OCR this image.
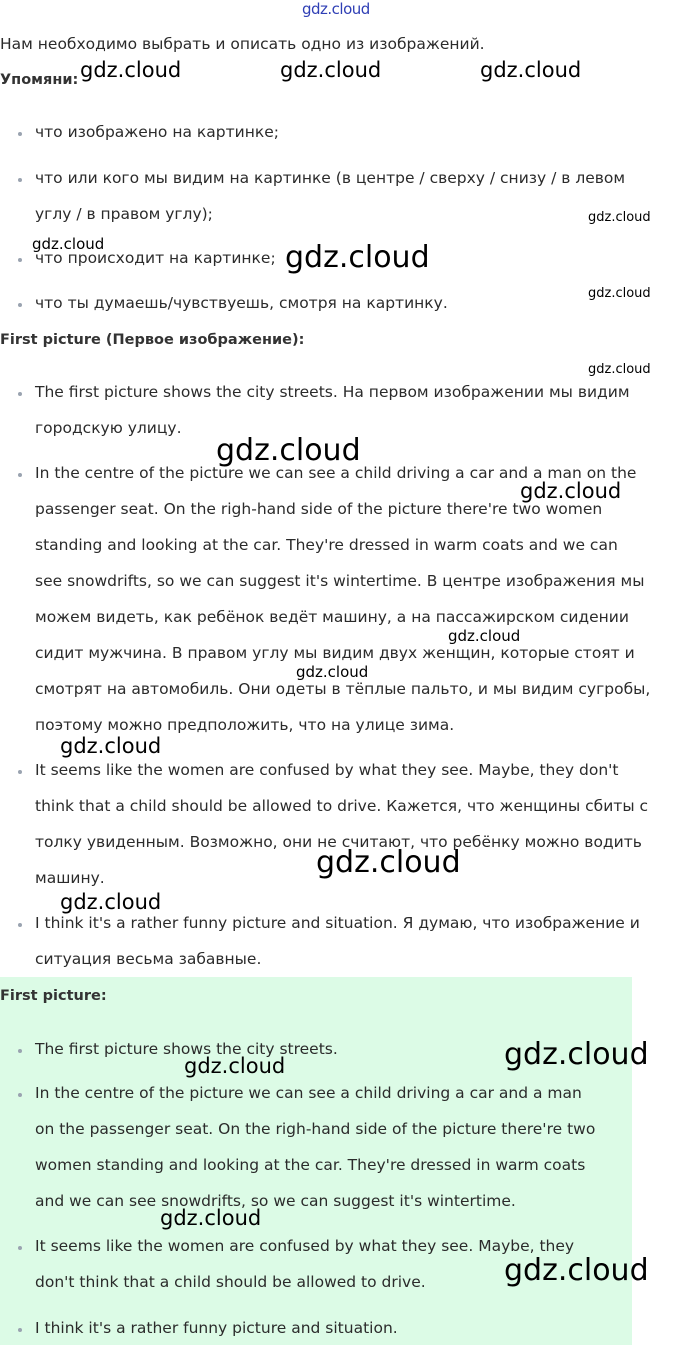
gdz.cloud
Нам необходимо выбрать и описать одно из изображений.
Упомяни:
что изображено на картинке;
что или кого мы видим на картинке (в центре / сверху / снизу / в левом
углу / в правом углу);
что происходит на картинке;
что ты думаешь/чувствуешь, смотря на картинку.
First picture (Первое изображение):
The first picture shows the city streets. На первом изображении мы видим
городскую улицу.
In the centre of the picture we can see a child driving a car and a man on the
passenger seat. On the righ-hand side of the picture there're two women
standing and looking at the car. They're dressed in warm coats and we can
see snowdrifts, so we can suggest it's wintertime. В центре изображения мы
можем видеть, как ребёнок ведёт машину, а на пассажирском сидении
сидит мужчина. В правом углу мы видим двух женщин, которые стоят и
смотрят на автомобиль. Они одеты в тёплые пальто, и мы видим сугробы,
поэтому можно предположить, что на улице зима.
It seems like the women are confused by what they see. Maybe, they don't
think that a child should be allowed to drive. Кажется, что женщины сбиты с
толку увиденным. Возможно, они не считают, что ребёнку можно водить
машину.
I think it's a rather funny picture and situation. Я думаю, что изображение и
ситуация весьма забавные.
First picture:
The first picture shows the city streets.
In the centre of the picture we can see a child driving a car and a man
on the passenger seat. On the righ-hand side of the picture there're two
women standing and looking at the car. They're dressed in warm coats
and we can see snowdrifts, so we can suggest it's wintertime.
It seems like the women are confused by what they see. Maybe, they
don't think that a child should be allowed to drive.
I think it's a rather funny picture and situation.
gdz.cloud	gdz.cloud	gdz.cloud
gdz.cloud
gdz.cloud	gdz.cloud
gdz.cloud
gdz.cloud
gdz.cloud
gdz.cloud
gdz.cloud
gdz.cloud
gdz.cloud
gdz.cloud
gdz.cloud
gdz.cloud
gdz.cloud
gdz.cloud
gdz.cloud
